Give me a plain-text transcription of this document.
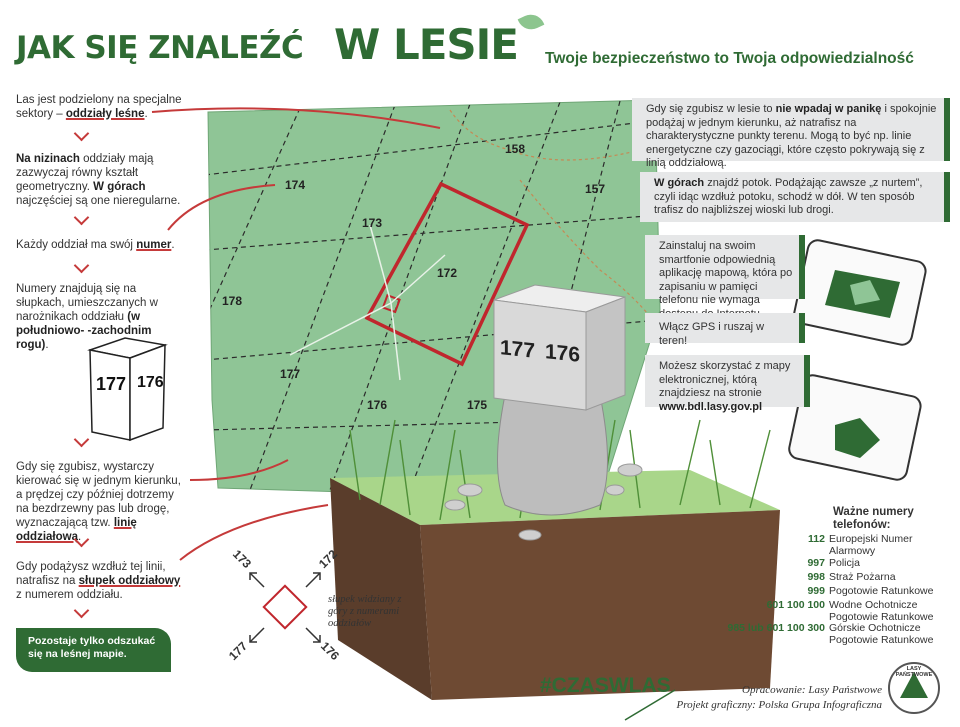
JAK SIĘ ZNALEŹĆ W LESIE Twoje bezpieczeństwo to Twoja odpowiedzialność
158
174	157
173
172
178
177
176	175
177 176
Las jest podzielony na specjalne sektory – oddziały leśne.
Na nizinach oddziały mają zazwyczaj równy kształt geometryczny. W górach najczęściej są one nieregularne.
Każdy oddział ma swój numer.
Numery znajdują się na słupkach, umieszczanych w narożnikach oddziału (w południowo- -zachodnim rogu).
177 176
Gdy się zgubisz, wystarczy kierować się w jednym kierunku, a prędzej czy później dotrzemy na bezdrzewny pas lub drogę, wyznaczającą tzw. linię oddziałową.
Gdy podążysz wzdłuż tej linii, natrafisz na słupek oddziałowy z numerem oddziału.
Pozostaje tylko odszukać się na leśnej mapie.
173	172
177	176
słupek widziany z góry z numerami oddziałów
Gdy się zgubisz w lesie to nie wpadaj w panikę i spokojnie podążaj w jednym kierunku, aż natrafisz na charakterystyczne punkty terenu. Mogą to być np. linie energetyczne czy gazociągi, które często pokrywają się z linią oddziałową.
W górach znajdź potok. Podążając zawsze „z nurtem”, czyli idąc wzdłuż potoku, schodź w dół. W ten sposób trafisz do najbliższej wioski lub drogi.
Zainstaluj na swoim smartfonie odpowiednią aplikację mapową, która po zapisaniu w pamięci telefonu nie wymaga
Włącz GPS i ruszaj w teren!
Możesz skorzystać z mapy elektronicznej, którą znajdziesz na stronie www.bdl.lasy.gov.pl
Ważne numery telefonów:
112 Europejski Numer Alarmowy
997 Policja
998 Straż Pożarna
999 Pogotowie Ratunkowe
601 100 100 Wodne Ochotnicze Pogotowie Ratunkowe
985 lub 601 100 300 Górskie Ochotnicze Pogotowie Ratunkowe
#CZASWLAS	Opracowanie: Lasy Państwowe
Projekt graficzny: Polska Grupa Infograficzna
LASY PAŃSTWOWE
